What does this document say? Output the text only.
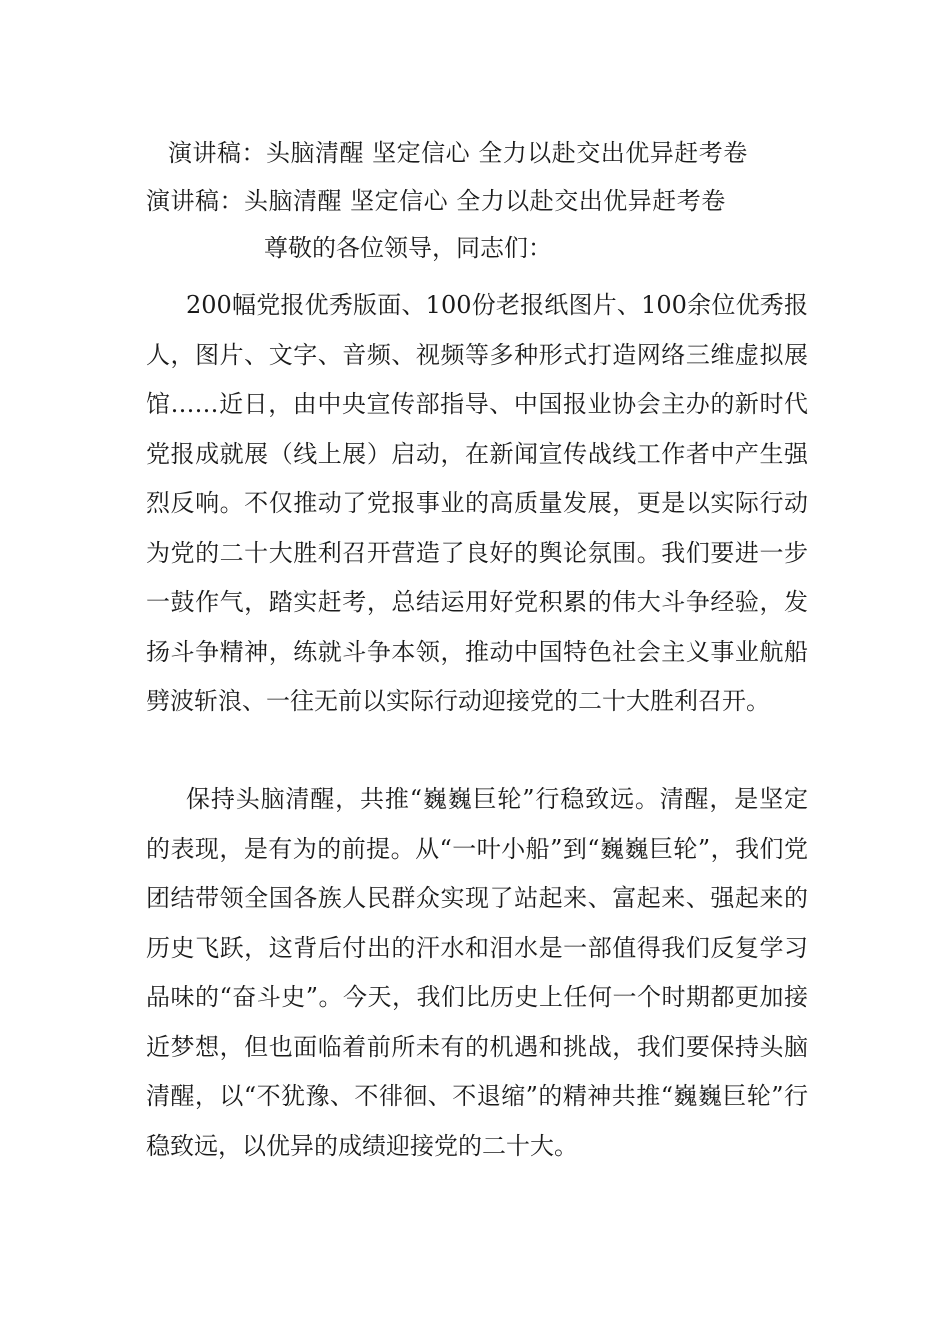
演讲稿：头脑清醒 坚定信心 全力以赴交出优异赶考卷
演讲稿：头脑清醒 坚定信心 全力以赴交出优异赶考卷
尊敬的各位领导，同志们：

200幅党报优秀版面、100份老报纸图片、100余位优秀报人，图片、文字、音频、视频等多种形式打造网络三维虚拟展馆……近日，由中央宣传部指导、中国报业协会主办的新时代党报成就展（线上展）启动，在新闻宣传战线工作者中产生强烈反响。不仅推动了党报事业的高质量发展，更是以实际行动为党的二十大胜利召开营造了良好的舆论氛围。我们要进一步一鼓作气，踏实赶考，总结运用好党积累的伟大斗争经验，发扬斗争精神，练就斗争本领，推动中国特色社会主义事业航船劈波斩浪、一往无前以实际行动迎接党的二十大胜利召开。

保持头脑清醒，共推“巍巍巨轮”行稳致远。清醒，是坚定的表现，是有为的前提。从“一叶小船”到“巍巍巨轮”，我们党团结带领全国各族人民群众实现了站起来、富起来、强起来的历史飞跃，这背后付出的汗水和泪水是一部值得我们反复学习品味的“奋斗史”。今天，我们比历史上任何一个时期都更加接近梦想，但也面临着前所未有的机遇和挑战，我们要保持头脑清醒，以“不犹豫、不徘徊、不退缩”的精神共推“巍巍巨轮”行稳致远，以优异的成绩迎接党的二十大。
